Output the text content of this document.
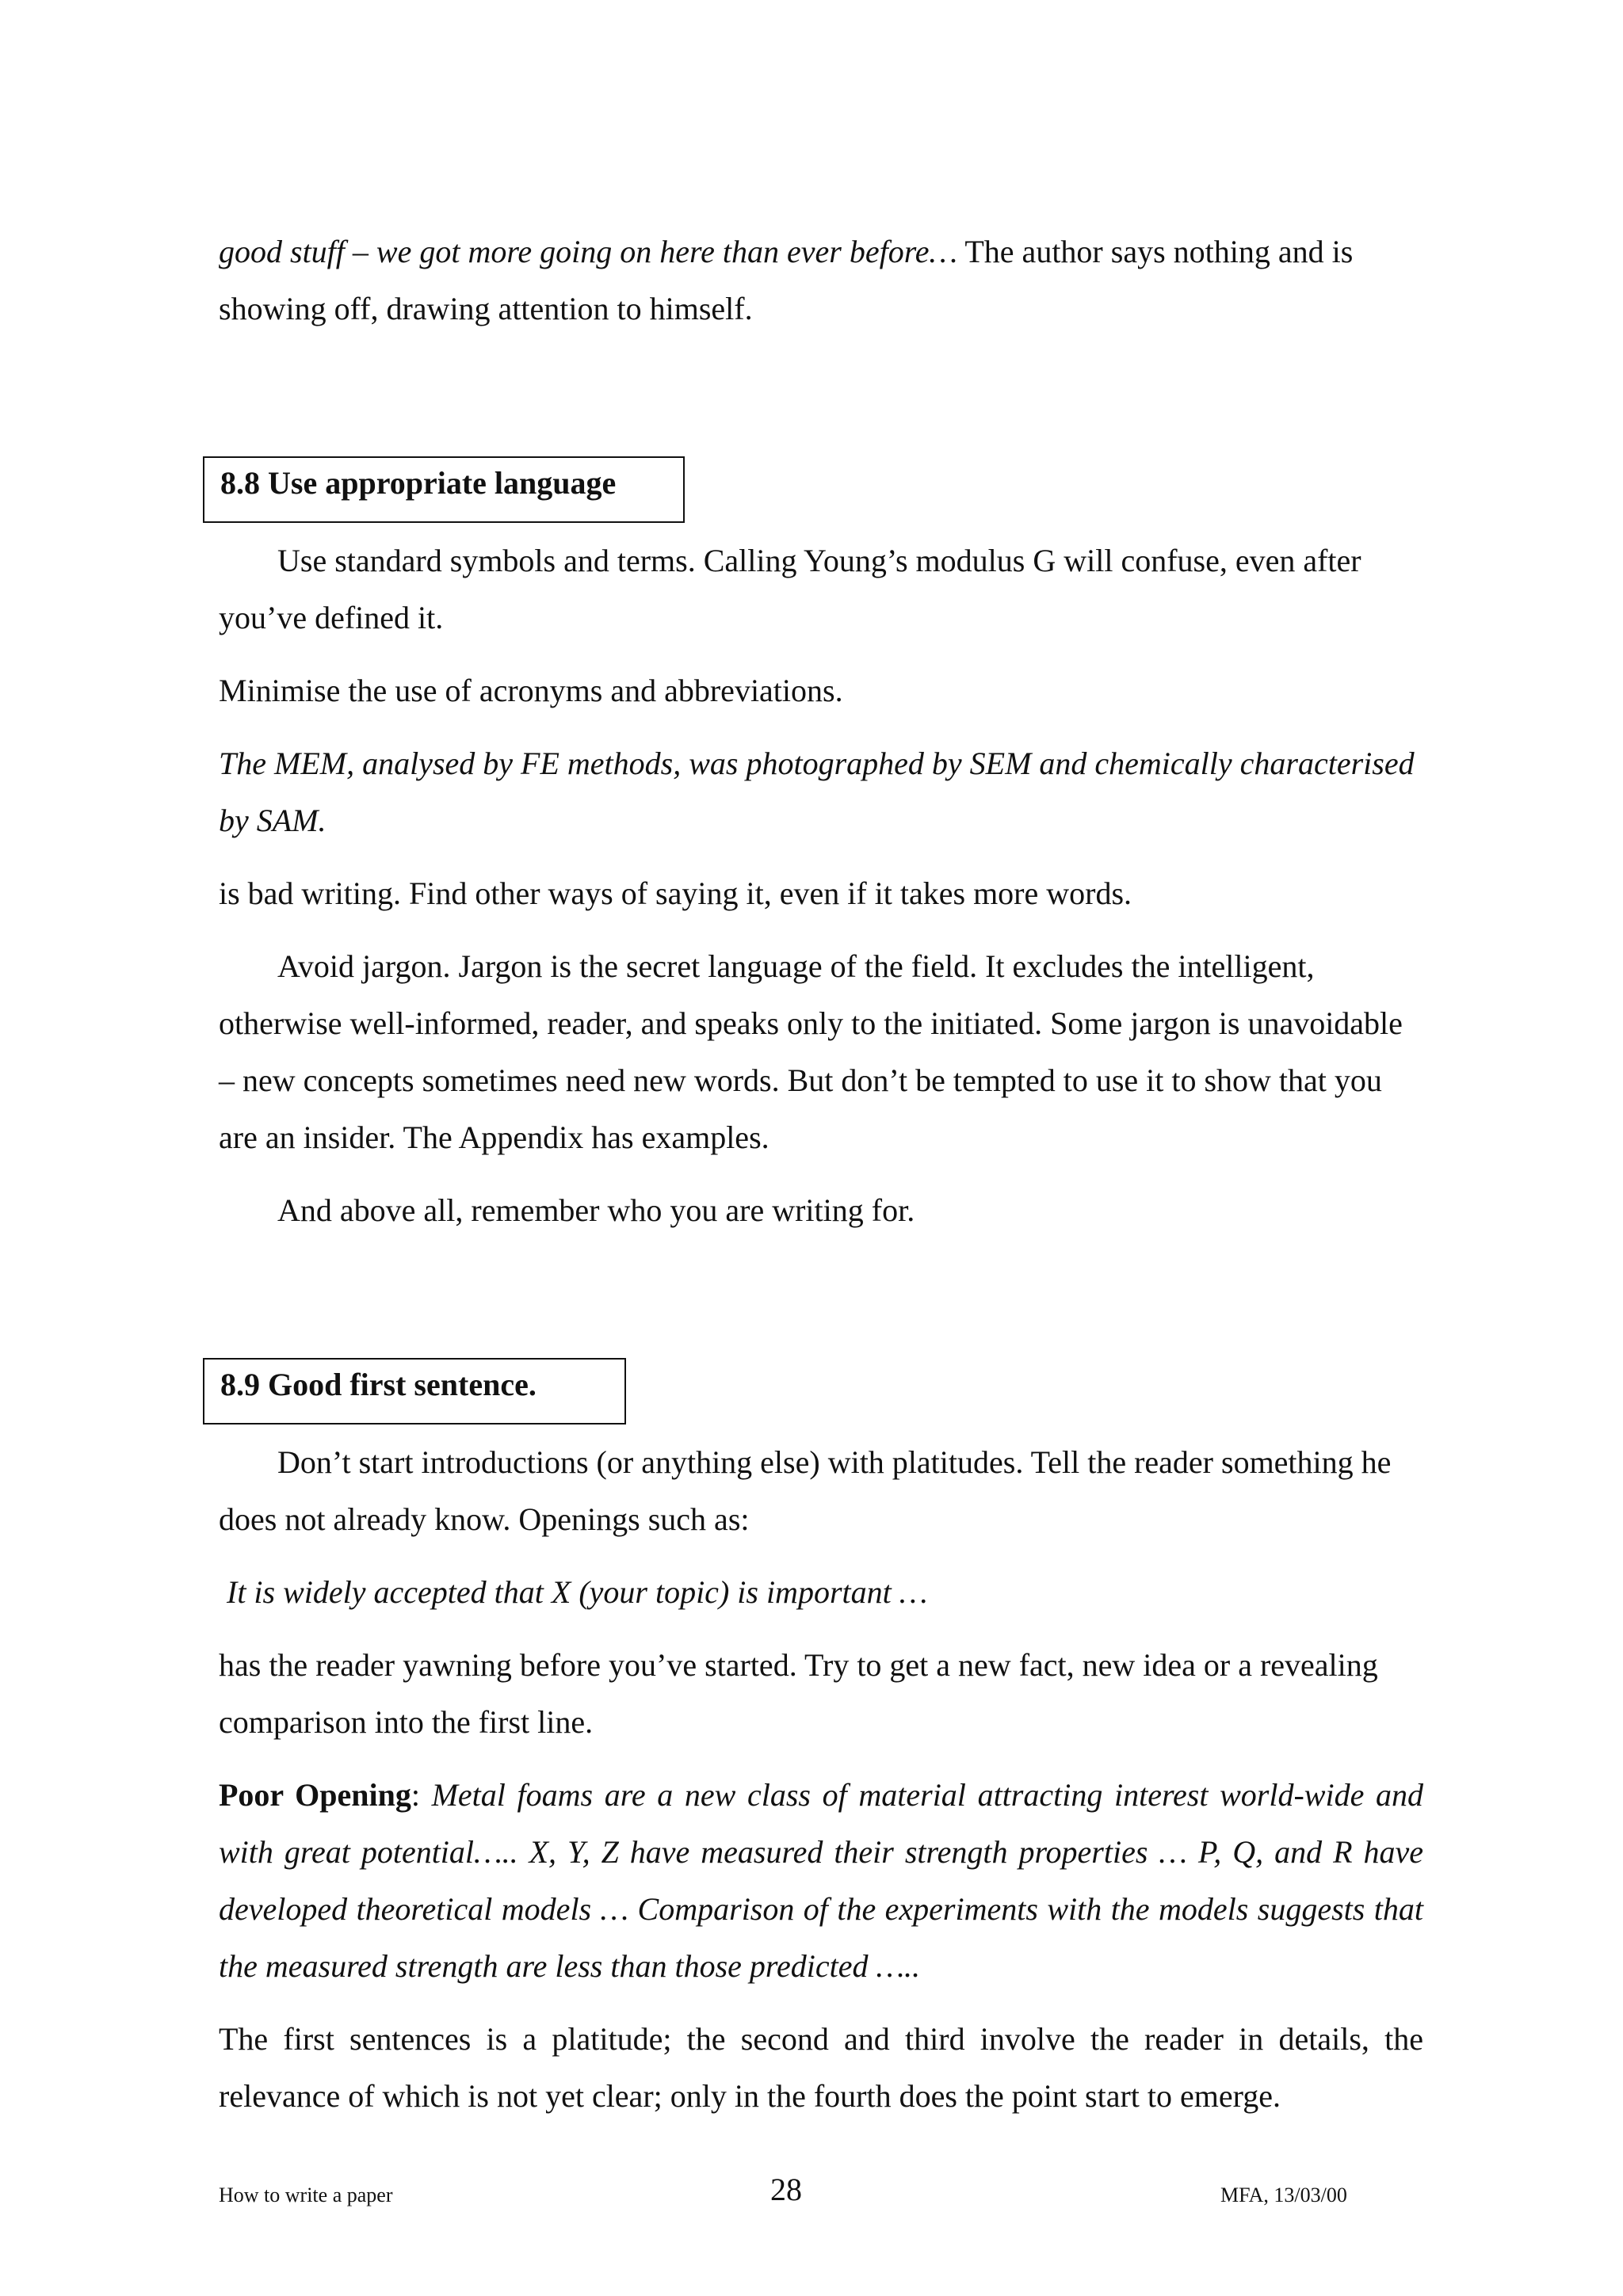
good stuff – we got more going on here than ever before… The author says nothing and is showing off, drawing attention to himself.

8.8 Use appropriate language

Use standard symbols and terms. Calling Young’s modulus G will confuse, even after you’ve defined it.

Minimise the use of acronyms and abbreviations.

The MEM, analysed by FE methods, was photographed by SEM and chemically characterised by SAM.

is bad writing. Find other ways of saying it, even if it takes more words.

Avoid jargon. Jargon is the secret language of the field. It excludes the intelligent, otherwise well-informed, reader, and speaks only to the initiated. Some jargon is unavoidable – new concepts sometimes need new words. But don’t be tempted to use it to show that you are an insider. The Appendix has examples.

And above all, remember who you are writing for.

8.9 Good first sentence.

Don’t start introductions (or anything else) with platitudes. Tell the reader something he does not already know. Openings such as:

It is widely accepted that X (your topic) is important …

has the reader yawning before you’ve started. Try to get a new fact, new idea or a revealing comparison into the first line.

Poor Opening: Metal foams are a new class of material attracting interest world-wide and with great potential….. X, Y, Z have measured their strength properties … P, Q, and R have developed theoretical models … Comparison of the experiments with the models suggests that the measured strength are less than those predicted …..

The first sentences is a platitude; the second and third involve the reader in details, the relevance of which is not yet clear; only in the fourth does the point start to emerge.

How to write a paper	28	MFA, 13/03/00
